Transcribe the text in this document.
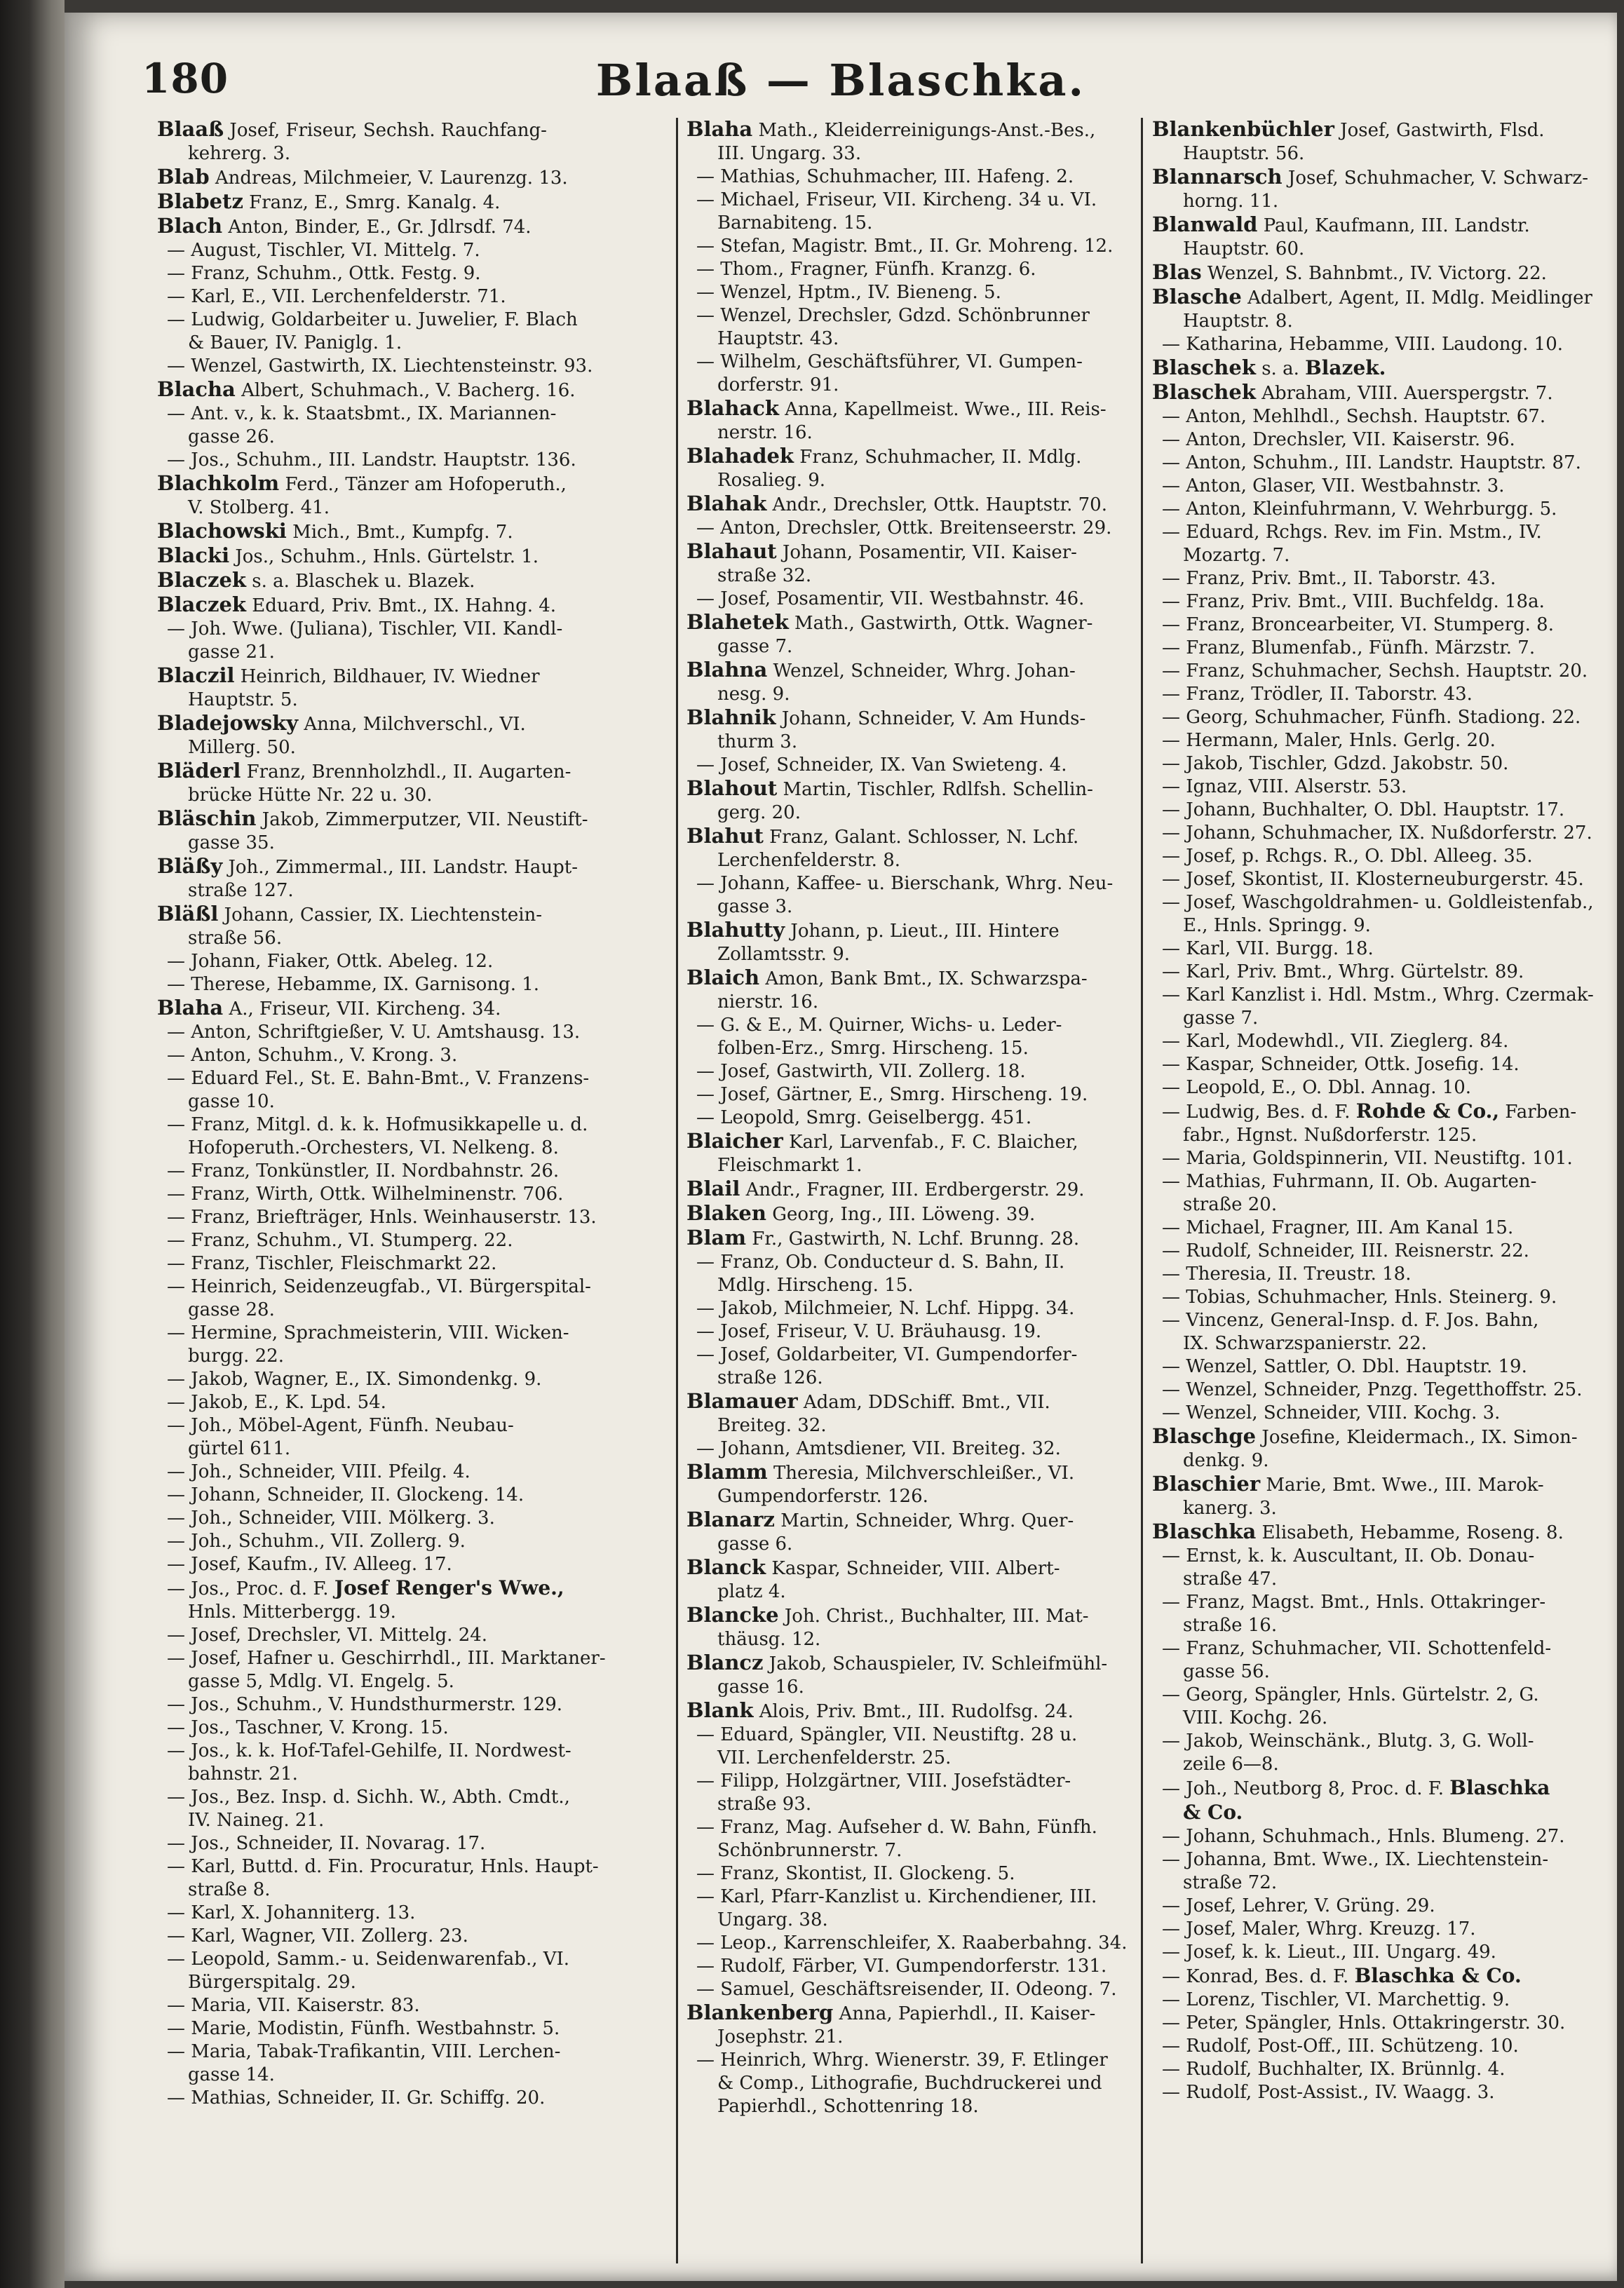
180	Blaaß — Blaschka.
Blaaß Josef, Friseur, Sechsh. Rauchfang-
kehrerg. 3.
Blab Andreas, Milchmeier, V. Laurenzg. 13.
Blabetz Franz, E., Smrg. Kanalg. 4.
Blach Anton, Binder, E., Gr. Jdlrsdf. 74.
— August, Tischler, VI. Mittelg. 7.
— Franz, Schuhm., Ottk. Festg. 9.
— Karl, E., VII. Lerchenfelderstr. 71.
— Ludwig, Goldarbeiter u. Juwelier, F. Blach
& Bauer, IV. Paniglg. 1.
— Wenzel, Gastwirth, IX. Liechtensteinstr. 93.
Blacha Albert, Schuhmach., V. Bacherg. 16.
— Ant. v., k. k. Staatsbmt., IX. Mariannen-
gasse 26.
— Jos., Schuhm., III. Landstr. Hauptstr. 136.
Blachkolm Ferd., Tänzer am Hofoperuth.,
V. Stolberg. 41.
Blachowski Mich., Bmt., Kumpfg. 7.
Blacki Jos., Schuhm., Hnls. Gürtelstr. 1.
Blaczek s. a. Blaschek u. Blazek.
Blaczek Eduard, Priv. Bmt., IX. Hahng. 4.
— Joh. Wwe. (Juliana), Tischler, VII. Kandl-
gasse 21.
Blaczil Heinrich, Bildhauer, IV. Wiedner
Hauptstr. 5.
Bladejowsky Anna, Milchverschl., VI.
Millerg. 50.
Bläderl Franz, Brennholzhdl., II. Augarten-
brücke Hütte Nr. 22 u. 30.
Bläschin Jakob, Zimmerputzer, VII. Neustift-
gasse 35.
Bläßy Joh., Zimmermal., III. Landstr. Haupt-
straße 127.
Bläßl Johann, Cassier, IX. Liechtenstein-
straße 56.
— Johann, Fiaker, Ottk. Abeleg. 12.
— Therese, Hebamme, IX. Garnisong. 1.
Blaha A., Friseur, VII. Kircheng. 34.
— Anton, Schriftgießer, V. U. Amtshausg. 13.
— Anton, Schuhm., V. Krong. 3.
— Eduard Fel., St. E. Bahn-Bmt., V. Franzens-
gasse 10.
— Franz, Mitgl. d. k. k. Hofmusikkapelle u. d.
Hofoperuth.-Orchesters, VI. Nelkeng. 8.
— Franz, Tonkünstler, II. Nordbahnstr. 26.
— Franz, Wirth, Ottk. Wilhelminenstr. 706.
— Franz, Briefträger, Hnls. Weinhauserstr. 13.
— Franz, Schuhm., VI. Stumperg. 22.
— Franz, Tischler, Fleischmarkt 22.
— Heinrich, Seidenzeugfab., VI. Bürgerspital-
gasse 28.
— Hermine, Sprachmeisterin, VIII. Wicken-
burgg. 22.
— Jakob, Wagner, E., IX. Simondenkg. 9.
— Jakob, E., K. Lpd. 54.
— Joh., Möbel-Agent, Fünfh. Neubau-
gürtel 611.
— Joh., Schneider, VIII. Pfeilg. 4.
— Johann, Schneider, II. Glockeng. 14.
— Joh., Schneider, VIII. Mölkerg. 3.
— Joh., Schuhm., VII. Zollerg. 9.
— Josef, Kaufm., IV. Alleeg. 17.
— Jos., Proc. d. F. Josef Renger's Wwe.,
Hnls. Mitterbergg. 19.
— Josef, Drechsler, VI. Mittelg. 24.
— Josef, Hafner u. Geschirrhdl., III. Marktaner-
gasse 5, Mdlg. VI. Engelg. 5.
— Jos., Schuhm., V. Hundsthurmerstr. 129.
— Jos., Taschner, V. Krong. 15.
— Jos., k. k. Hof-Tafel-Gehilfe, II. Nordwest-
bahnstr. 21.
— Jos., Bez. Insp. d. Sichh. W., Abth. Cmdt.,
IV. Naineg. 21.
— Jos., Schneider, II. Novarag. 17.
— Karl, Buttd. d. Fin. Procuratur, Hnls. Haupt-
straße 8.
— Karl, X. Johanniterg. 13.
— Karl, Wagner, VII. Zollerg. 23.
— Leopold, Samm.- u. Seidenwarenfab., VI.
Bürgerspitalg. 29.
— Maria, VII. Kaiserstr. 83.
— Marie, Modistin, Fünfh. Westbahnstr. 5.
— Maria, Tabak-Trafikantin, VIII. Lerchen-
gasse 14.
— Mathias, Schneider, II. Gr. Schiffg. 20.
Blaha Math., Kleiderreinigungs-Anst.-Bes.,
III. Ungarg. 33.
— Mathias, Schuhmacher, III. Hafeng. 2.
— Michael, Friseur, VII. Kircheng. 34 u. VI.
Barnabiteng. 15.
— Stefan, Magistr. Bmt., II. Gr. Mohreng. 12.
— Thom., Fragner, Fünfh. Kranzg. 6.
— Wenzel, Hptm., IV. Bieneng. 5.
— Wenzel, Drechsler, Gdzd. Schönbrunner
Hauptstr. 43.
— Wilhelm, Geschäftsführer, VI. Gumpen-
dorferstr. 91.
Blahack Anna, Kapellmeist. Wwe., III. Reis-
nerstr. 16.
Blahadek Franz, Schuhmacher, II. Mdlg.
Rosalieg. 9.
Blahak Andr., Drechsler, Ottk. Hauptstr. 70.
— Anton, Drechsler, Ottk. Breitenseerstr. 29.
Blahaut Johann, Posamentir, VII. Kaiser-
straße 32.
— Josef, Posamentir, VII. Westbahnstr. 46.
Blahetek Math., Gastwirth, Ottk. Wagner-
gasse 7.
Blahna Wenzel, Schneider, Whrg. Johan-
nesg. 9.
Blahnik Johann, Schneider, V. Am Hunds-
thurm 3.
— Josef, Schneider, IX. Van Swieteng. 4.
Blahout Martin, Tischler, Rdlfsh. Schellin-
gerg. 20.
Blahut Franz, Galant. Schlosser, N. Lchf.
Lerchenfelderstr. 8.
— Johann, Kaffee- u. Bierschank, Whrg. Neu-
gasse 3.
Blahutty Johann, p. Lieut., III. Hintere
Zollamtsstr. 9.
Blaich Amon, Bank Bmt., IX. Schwarzspa-
nierstr. 16.
— G. & E., M. Quirner, Wichs- u. Leder-
folben-Erz., Smrg. Hirscheng. 15.
— Josef, Gastwirth, VII. Zollerg. 18.
— Josef, Gärtner, E., Smrg. Hirscheng. 19.
— Leopold, Smrg. Geiselbergg. 451.
Blaicher Karl, Larvenfab., F. C. Blaicher,
Fleischmarkt 1.
Blail Andr., Fragner, III. Erdbergerstr. 29.
Blaken Georg, Ing., III. Löweng. 39.
Blam Fr., Gastwirth, N. Lchf. Brunng. 28.
— Franz, Ob. Conducteur d. S. Bahn, II.
Mdlg. Hirscheng. 15.
— Jakob, Milchmeier, N. Lchf. Hippg. 34.
— Josef, Friseur, V. U. Bräuhausg. 19.
— Josef, Goldarbeiter, VI. Gumpendorfer-
straße 126.
Blamauer Adam, DDSchiff. Bmt., VII.
Breiteg. 32.
— Johann, Amtsdiener, VII. Breiteg. 32.
Blamm Theresia, Milchverschleißer., VI.
Gumpendorferstr. 126.
Blanarz Martin, Schneider, Whrg. Quer-
gasse 6.
Blanck Kaspar, Schneider, VIII. Albert-
platz 4.
Blancke Joh. Christ., Buchhalter, III. Mat-
thäusg. 12.
Blancz Jakob, Schauspieler, IV. Schleifmühl-
gasse 16.
Blank Alois, Priv. Bmt., III. Rudolfsg. 24.
— Eduard, Spängler, VII. Neustiftg. 28 u.
VII. Lerchenfelderstr. 25.
— Filipp, Holzgärtner, VIII. Josefstädter-
straße 93.
— Franz, Mag. Aufseher d. W. Bahn, Fünfh.
Schönbrunnerstr. 7.
— Franz, Skontist, II. Glockeng. 5.
— Karl, Pfarr-Kanzlist u. Kirchendiener, III.
Ungarg. 38.
— Leop., Karrenschleifer, X. Raaberbahng. 34.
— Rudolf, Färber, VI. Gumpendorferstr. 131.
— Samuel, Geschäftsreisender, II. Odeong. 7.
Blankenberg Anna, Papierhdl., II. Kaiser-
Josephstr. 21.
— Heinrich, Whrg. Wienerstr. 39, F. Etlinger
& Comp., Lithografie, Buchdruckerei und
Papierhdl., Schottenring 18.
Blankenbüchler Josef, Gastwirth, Flsd.
Hauptstr. 56.
Blannarsch Josef, Schuhmacher, V. Schwarz-
horng. 11.
Blanwald Paul, Kaufmann, III. Landstr.
Hauptstr. 60.
Blas Wenzel, S. Bahnbmt., IV. Victorg. 22.
Blasche Adalbert, Agent, II. Mdlg. Meidlinger
Hauptstr. 8.
— Katharina, Hebamme, VIII. Laudong. 10.
Blaschek s. a. Blazek.
Blaschek Abraham, VIII. Auerspergstr. 7.
— Anton, Mehlhdl., Sechsh. Hauptstr. 67.
— Anton, Drechsler, VII. Kaiserstr. 96.
— Anton, Schuhm., III. Landstr. Hauptstr. 87.
— Anton, Glaser, VII. Westbahnstr. 3.
— Anton, Kleinfuhrmann, V. Wehrburgg. 5.
— Eduard, Rchgs. Rev. im Fin. Mstm., IV.
Mozartg. 7.
— Franz, Priv. Bmt., II. Taborstr. 43.
— Franz, Priv. Bmt., VIII. Buchfeldg. 18a.
— Franz, Broncearbeiter, VI. Stumperg. 8.
— Franz, Blumenfab., Fünfh. Märzstr. 7.
— Franz, Schuhmacher, Sechsh. Hauptstr. 20.
— Franz, Trödler, II. Taborstr. 43.
— Georg, Schuhmacher, Fünfh. Stadiong. 22.
— Hermann, Maler, Hnls. Gerlg. 20.
— Jakob, Tischler, Gdzd. Jakobstr. 50.
— Ignaz, VIII. Alserstr. 53.
— Johann, Buchhalter, O. Dbl. Hauptstr. 17.
— Johann, Schuhmacher, IX. Nußdorferstr. 27.
— Josef, p. Rchgs. R., O. Dbl. Alleeg. 35.
— Josef, Skontist, II. Klosterneuburgerstr. 45.
— Josef, Waschgoldrahmen- u. Goldleistenfab.,
E., Hnls. Springg. 9.
— Karl, VII. Burgg. 18.
— Karl, Priv. Bmt., Whrg. Gürtelstr. 89.
— Karl Kanzlist i. Hdl. Mstm., Whrg. Czermak-
gasse 7.
— Karl, Modewhdl., VII. Zieglerg. 84.
— Kaspar, Schneider, Ottk. Josefig. 14.
— Leopold, E., O. Dbl. Annag. 10.
— Ludwig, Bes. d. F. Rohde & Co., Farben-
fabr., Hgnst. Nußdorferstr. 125.
— Maria, Goldspinnerin, VII. Neustiftg. 101.
— Mathias, Fuhrmann, II. Ob. Augarten-
straße 20.
— Michael, Fragner, III. Am Kanal 15.
— Rudolf, Schneider, III. Reisnerstr. 22.
— Theresia, II. Treustr. 18.
— Tobias, Schuhmacher, Hnls. Steinerg. 9.
— Vincenz, General-Insp. d. F. Jos. Bahn,
IX. Schwarzspanierstr. 22.
— Wenzel, Sattler, O. Dbl. Hauptstr. 19.
— Wenzel, Schneider, Pnzg. Tegetthoffstr. 25.
— Wenzel, Schneider, VIII. Kochg. 3.
Blaschge Josefine, Kleidermach., IX. Simon-
denkg. 9.
Blaschier Marie, Bmt. Wwe., III. Marok-
kanerg. 3.
Blaschka Elisabeth, Hebamme, Roseng. 8.
— Ernst, k. k. Auscultant, II. Ob. Donau-
straße 47.
— Franz, Magst. Bmt., Hnls. Ottakringer-
straße 16.
— Franz, Schuhmacher, VII. Schottenfeld-
gasse 56.
— Georg, Spängler, Hnls. Gürtelstr. 2, G.
VIII. Kochg. 26.
— Jakob, Weinschänk., Blutg. 3, G. Woll-
zeile 6—8.
— Joh., Neutborg 8, Proc. d. F. Blaschka
& Co.
— Johann, Schuhmach., Hnls. Blumeng. 27.
— Johanna, Bmt. Wwe., IX. Liechtenstein-
straße 72.
— Josef, Lehrer, V. Grüng. 29.
— Josef, Maler, Whrg. Kreuzg. 17.
— Josef, k. k. Lieut., III. Ungarg. 49.
— Konrad, Bes. d. F. Blaschka & Co.
— Lorenz, Tischler, VI. Marchettig. 9.
— Peter, Spängler, Hnls. Ottakringerstr. 30.
— Rudolf, Post-Off., III. Schützeng. 10.
— Rudolf, Buchhalter, IX. Brünnlg. 4.
— Rudolf, Post-Assist., IV. Waagg. 3.
